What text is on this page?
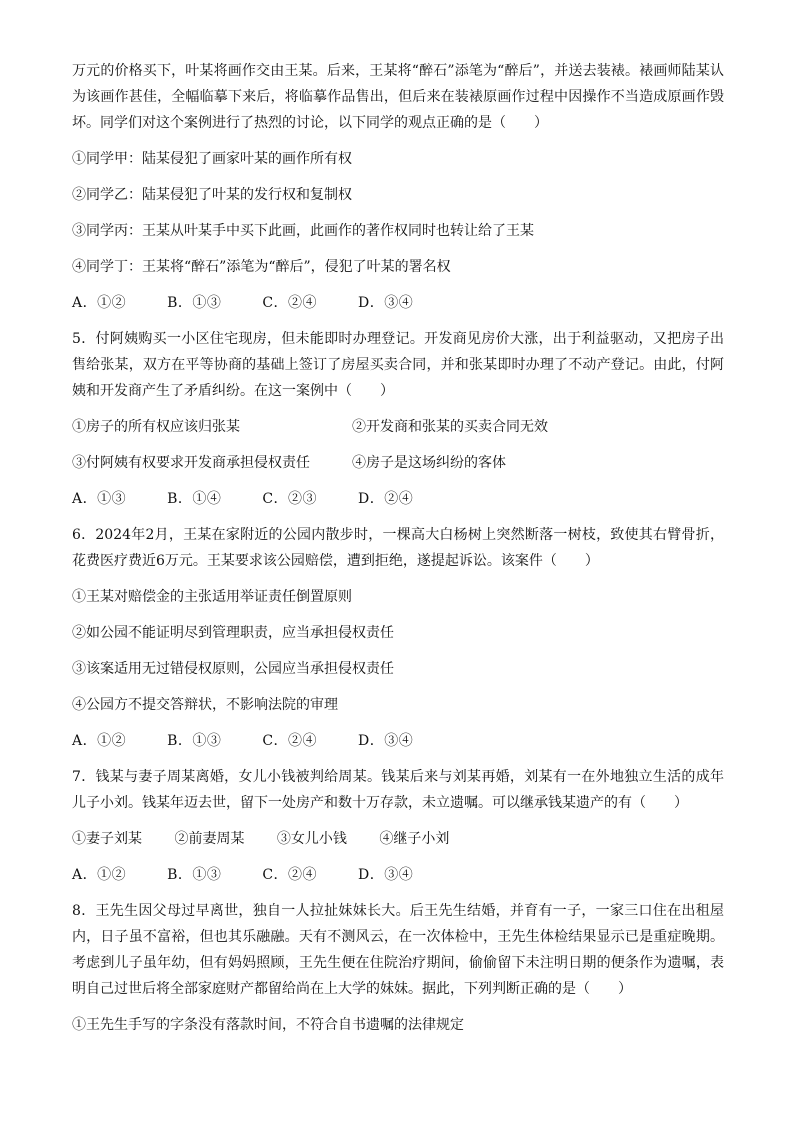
万元的价格买下，叶某将画作交由王某。后来，王某将“醉石”添笔为“醉后”，并送去装裱。裱画师陆某认为该画作甚佳，全幅临摹下来后，将临摹作品售出，但后来在装裱原画作过程中因操作不当造成原画作毁坏。同学们对这个案例进行了热烈的讨论，以下同学的观点正确的是（　　）

①同学甲：陆某侵犯了画家叶某的画作所有权

②同学乙：陆某侵犯了叶某的发行权和复制权

③同学丙：王某从叶某手中买下此画，此画作的著作权同时也转让给了王某

④同学丁：王某将“醉石”添笔为“醉后”，侵犯了叶某的署名权

A．①②	B．①③	C．②④	D．③④

5．付阿姨购买一小区住宅现房，但未能即时办理登记。开发商见房价大涨，出于利益驱动，又把房子出售给张某，双方在平等协商的基础上签订了房屋买卖合同，并和张某即时办理了不动产登记。由此，付阿姨和开发商产生了矛盾纠纷。在这一案例中（　　）

①房子的所有权应该归张某	②开发商和张某的买卖合同无效

③付阿姨有权要求开发商承担侵权责任	④房子是这场纠纷的客体

A．①③	B．①④	C．②③	D．②④

6．2024年2月，王某在家附近的公园内散步时，一棵高大白杨树上突然断落一树枝，致使其右臂骨折，花费医疗费近6万元。王某要求该公园赔偿，遭到拒绝，遂提起诉讼。该案件（　　）

①王某对赔偿金的主张适用举证责任倒置原则

②如公园不能证明尽到管理职责，应当承担侵权责任

③该案适用无过错侵权原则，公园应当承担侵权责任

④公园方不提交答辩状，不影响法院的审理

A．①②	B．①③	C．②④	D．③④

7．钱某与妻子周某离婚，女儿小钱被判给周某。钱某后来与刘某再婚，刘某有一在外地独立生活的成年儿子小刘。钱某年迈去世，留下一处房产和数十万存款，未立遗嘱。可以继承钱某遗产的有（　　）

①妻子刘某 ②前妻周某 ③女儿小钱 ④继子小刘

A．①②	B．①③	C．②④	D．③④

8．王先生因父母过早离世，独自一人拉扯妹妹长大。后王先生结婚，并育有一子，一家三口住在出租屋内，日子虽不富裕，但也其乐融融。天有不测风云，在一次体检中，王先生体检结果显示已是重症晚期。考虑到儿子虽年幼，但有妈妈照顾，王先生便在住院治疗期间，偷偷留下未注明日期的便条作为遗嘱，表明自己过世后将全部家庭财产都留给尚在上大学的妹妹。据此，下列判断正确的是（　　）

①王先生手写的字条没有落款时间，不符合自书遗嘱的法律规定
